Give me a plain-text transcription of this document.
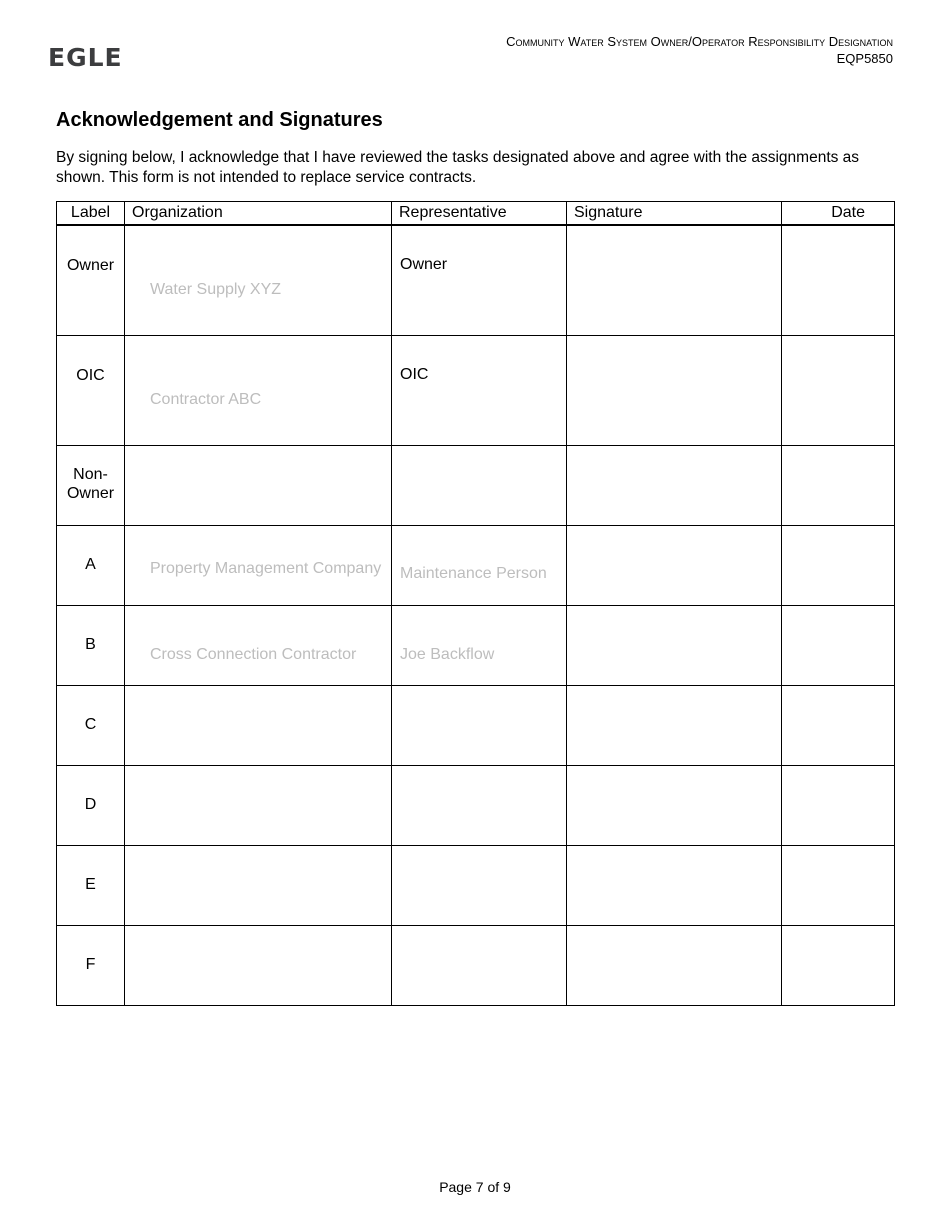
EGLE
Community Water System Owner/Operator Responsibility Designation
EQP5850
Acknowledgement and Signatures

By signing below, I acknowledge that I have reviewed the tasks designated above and agree with the assignments as shown. This form is not intended to replace service contracts.

Label	Organization	Representative	Signature	Date
Owner	Water Supply XYZ	Owner		
OIC	Contractor ABC	OIC		
Non-Owner	

A	Property Management Company	Maintenance Person		

B	Cross Connection Contractor	Joe Backflow		

C	

D	

E	

F	

Page 7 of 9
